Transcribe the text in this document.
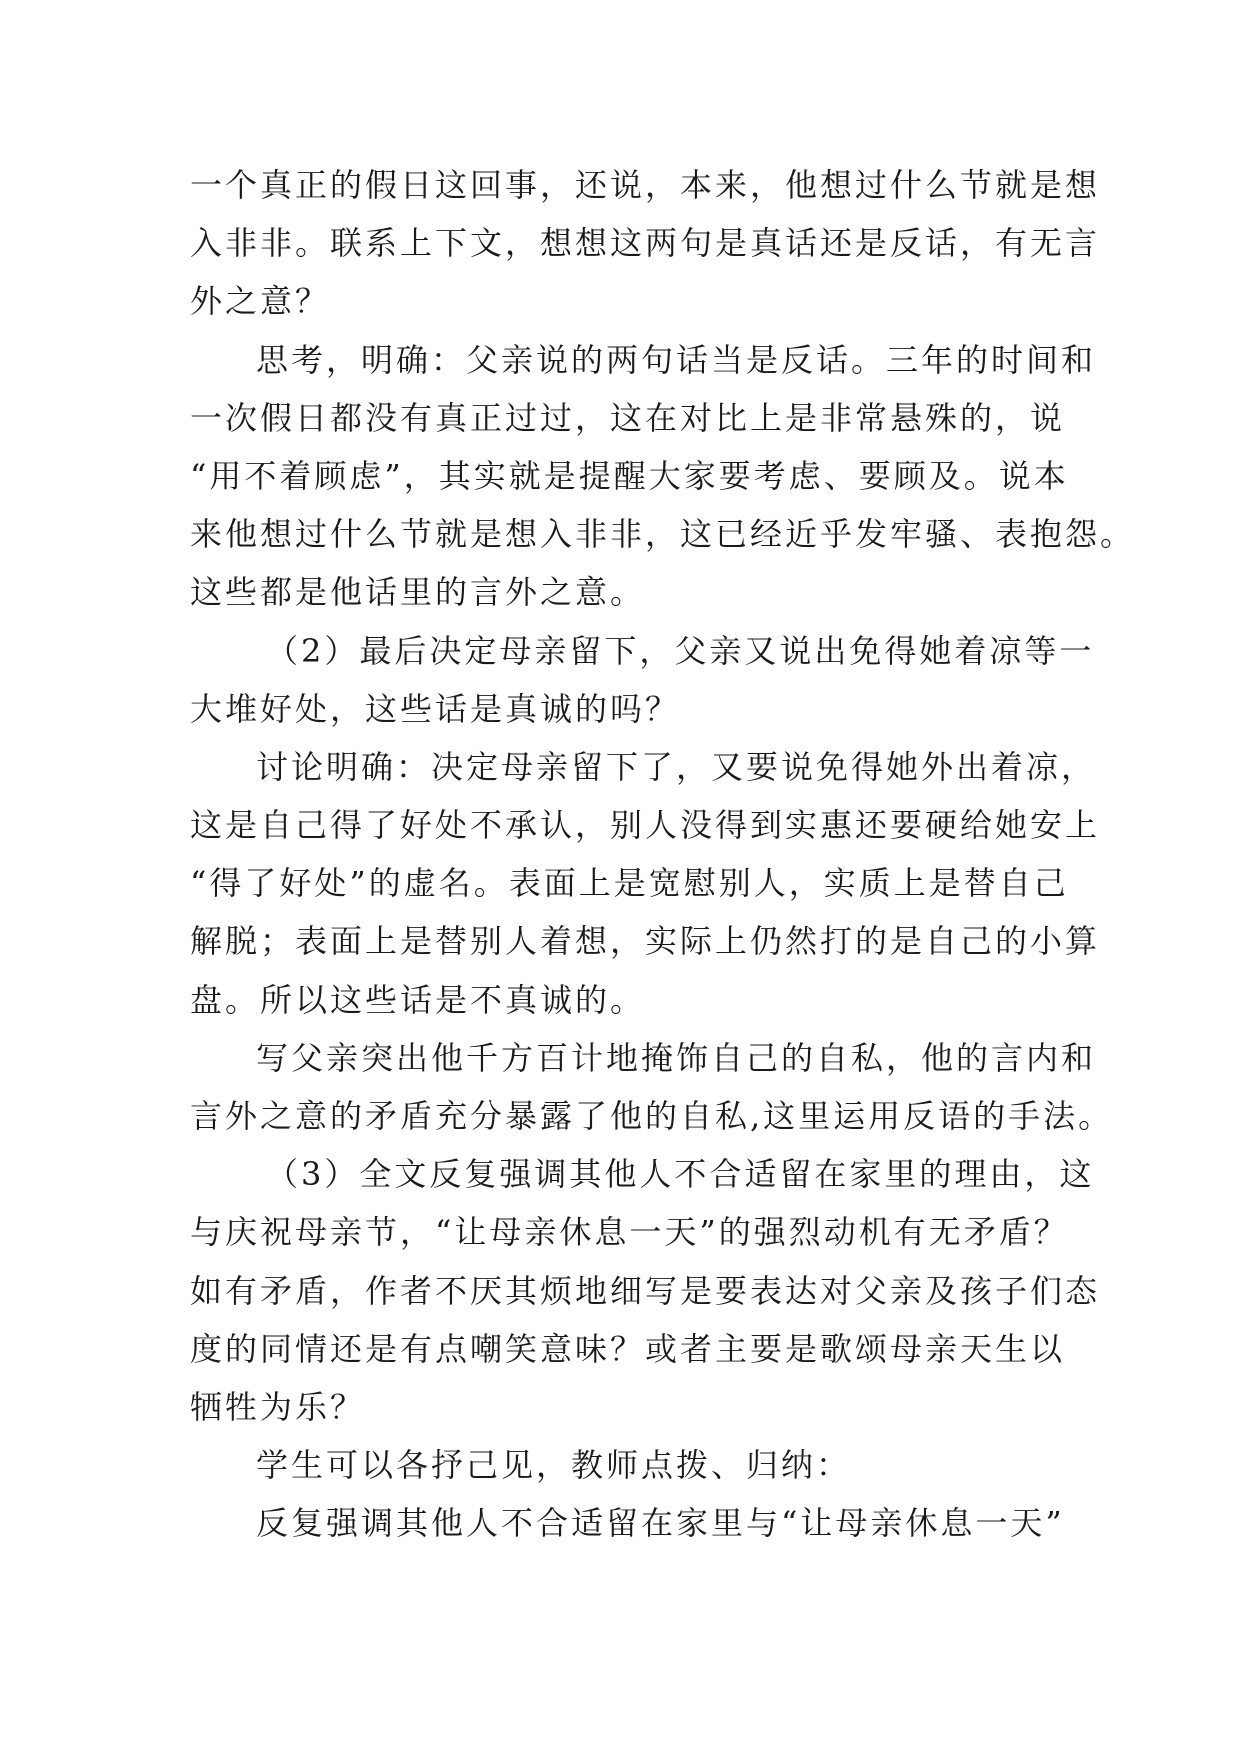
一个真正的假日这回事，还说，本来，他想过什么节就是想
入非非。联系上下文，想想这两句是真话还是反话，有无言
外之意？
思考，明确：父亲说的两句话当是反话。三年的时间和
一次假日都没有真正过过，这在对比上是非常悬殊的，说
“用不着顾虑”，其实就是提醒大家要考虑、要顾及。说本
来他想过什么节就是想入非非，这已经近乎发牢骚、表抱怨。
这些都是他话里的言外之意。
（2）最后决定母亲留下，父亲又说出免得她着凉等一
大堆好处，这些话是真诚的吗？
讨论明确：决定母亲留下了，又要说免得她外出着凉，
这是自己得了好处不承认，别人没得到实惠还要硬给她安上
“得了好处”的虚名。表面上是宽慰别人，实质上是替自己
解脱；表面上是替别人着想，实际上仍然打的是自己的小算
盘。所以这些话是不真诚的。
写父亲突出他千方百计地掩饰自己的自私，他的言内和
言外之意的矛盾充分暴露了他的自私,这里运用反语的手法。
（3）全文反复强调其他人不合适留在家里的理由，这
与庆祝母亲节，“让母亲休息一天”的强烈动机有无矛盾？
如有矛盾，作者不厌其烦地细写是要表达对父亲及孩子们态
度的同情还是有点嘲笑意味？或者主要是歌颂母亲天生以
牺牲为乐？
学生可以各抒己见，教师点拨、归纳：
反复强调其他人不合适留在家里与“让母亲休息一天”
